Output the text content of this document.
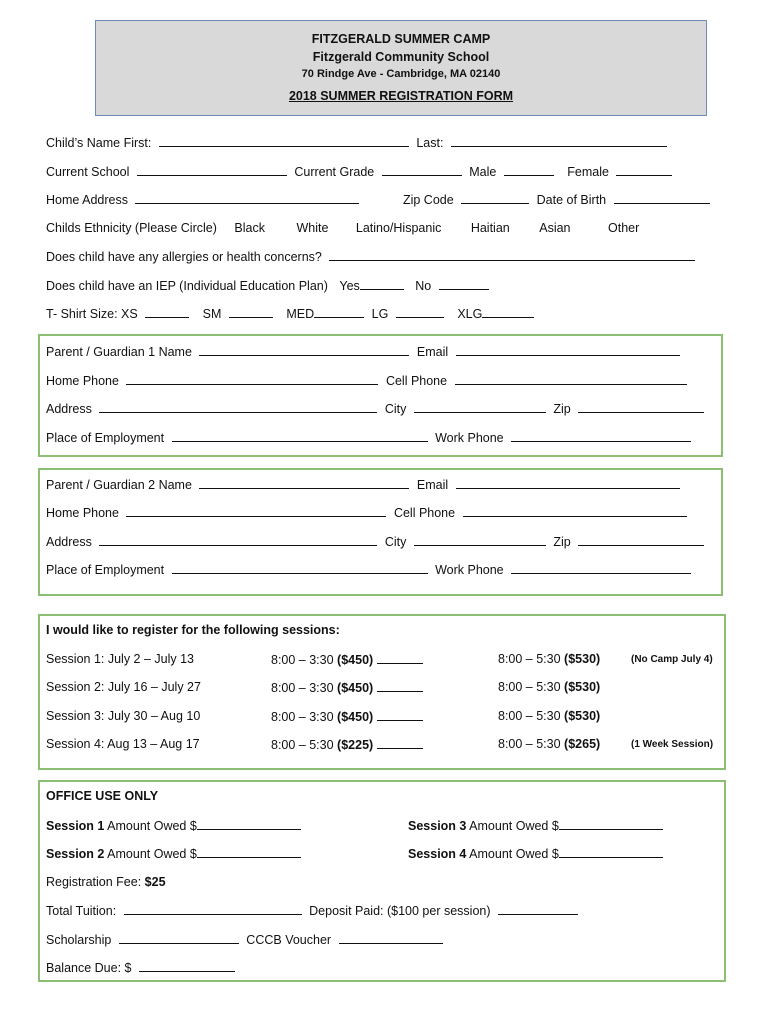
FITZGERALD SUMMER CAMP
Fitzgerald Community School
70 Rindge Ave - Cambridge, MA 02140
2018 SUMMER REGISTRATION FORM
Child’s Name First:	Last:
Current School	Current Grade	Male	Female
Home Address	Zip Code	Date of Birth
Childs Ethnicity (Please Circle) Black	White Latino/Hispanic Haitian Asian	Other
Does child have any allergies or health concerns?
Does child have an IEP (Individual Education Plan) Yes	No
T- Shirt Size: XS	SM	MED	LG	XLG
Parent / Guardian 1 Name	Email
Home Phone	Cell Phone
Address	City	Zip
Place of Employment	Work Phone
Parent / Guardian 2 Name	Email
Home Phone	Cell Phone
Address	City	Zip
Place of Employment	Work Phone
I would like to register for the following sessions:
Session 1: July 2 – July 13	8:00 – 3:30 ($450)	8:00 – 5:30 ($530)	(No Camp July 4)
Session 2: July 16 – July 27	8:00 – 3:30 ($450)	8:00 – 5:30 ($530)
Session 3: July 30 – Aug 10	8:00 – 3:30 ($450)	8:00 – 5:30 ($530)
Session 4: Aug 13 – Aug 17	8:00 – 5:30 ($225)	8:00 – 5:30 ($265)	(1 Week Session)
OFFICE USE ONLY
Session 1 Amount Owed $	Session 3 Amount Owed $
Session 2 Amount Owed $	Session 4 Amount Owed $
Registration Fee: $25
Total Tuition:	Deposit Paid: ($100 per session)
Scholarship	CCCB Voucher
Balance Due: $
